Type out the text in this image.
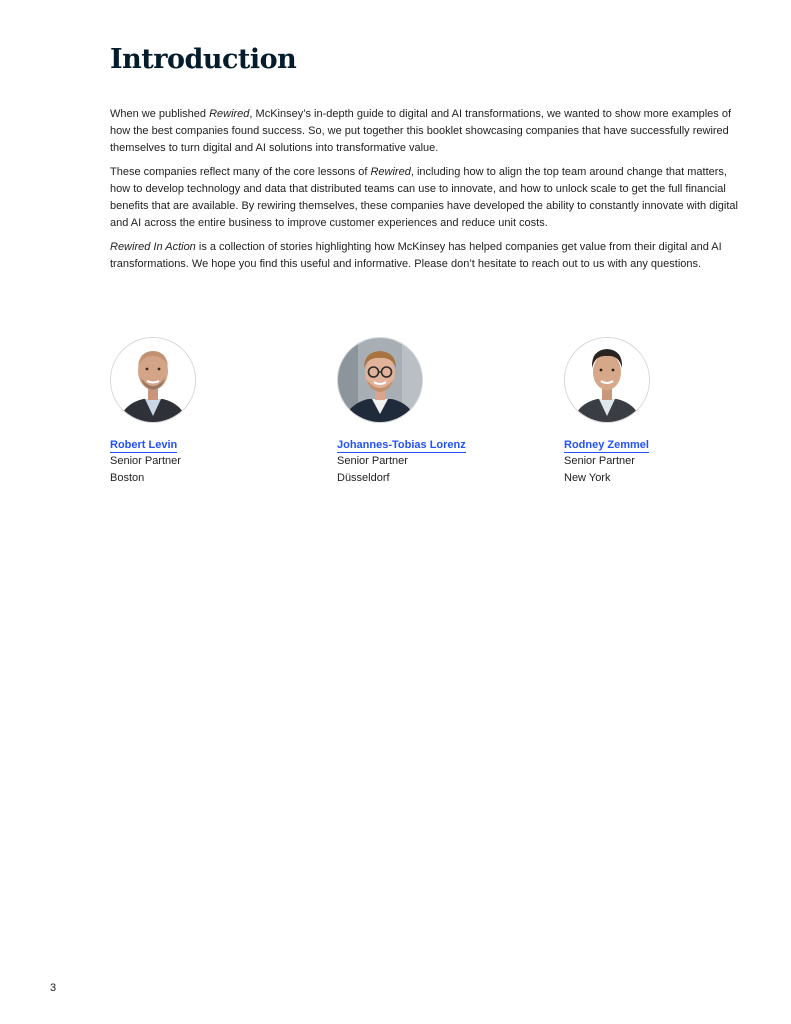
Introduction

When we published Rewired, McKinsey’s in-depth guide to digital and AI transformations, we wanted to show more examples of how the best companies found success. So, we put together this booklet showcasing companies that have successfully rewired themselves to turn digital and AI solutions into transformative value.

These companies reflect many of the core lessons of Rewired, including how to align the top team around change that matters, how to develop technology and data that distributed teams can use to innovate, and how to unlock scale to get the full financial benefits that are available. By rewiring themselves, these companies have developed the ability to constantly innovate with digital and AI across the entire business to improve customer experiences and reduce unit costs.

Rewired In Action is a collection of stories highlighting how McKinsey has helped companies get value from their digital and AI transformations. We hope you find this useful and informative. Please don’t hesitate to reach out to us with any questions.

Robert Levin
Senior Partner
Boston
Johannes-Tobias Lorenz
Senior Partner
Düsseldorf
Rodney Zemmel
Senior Partner
New York
3
